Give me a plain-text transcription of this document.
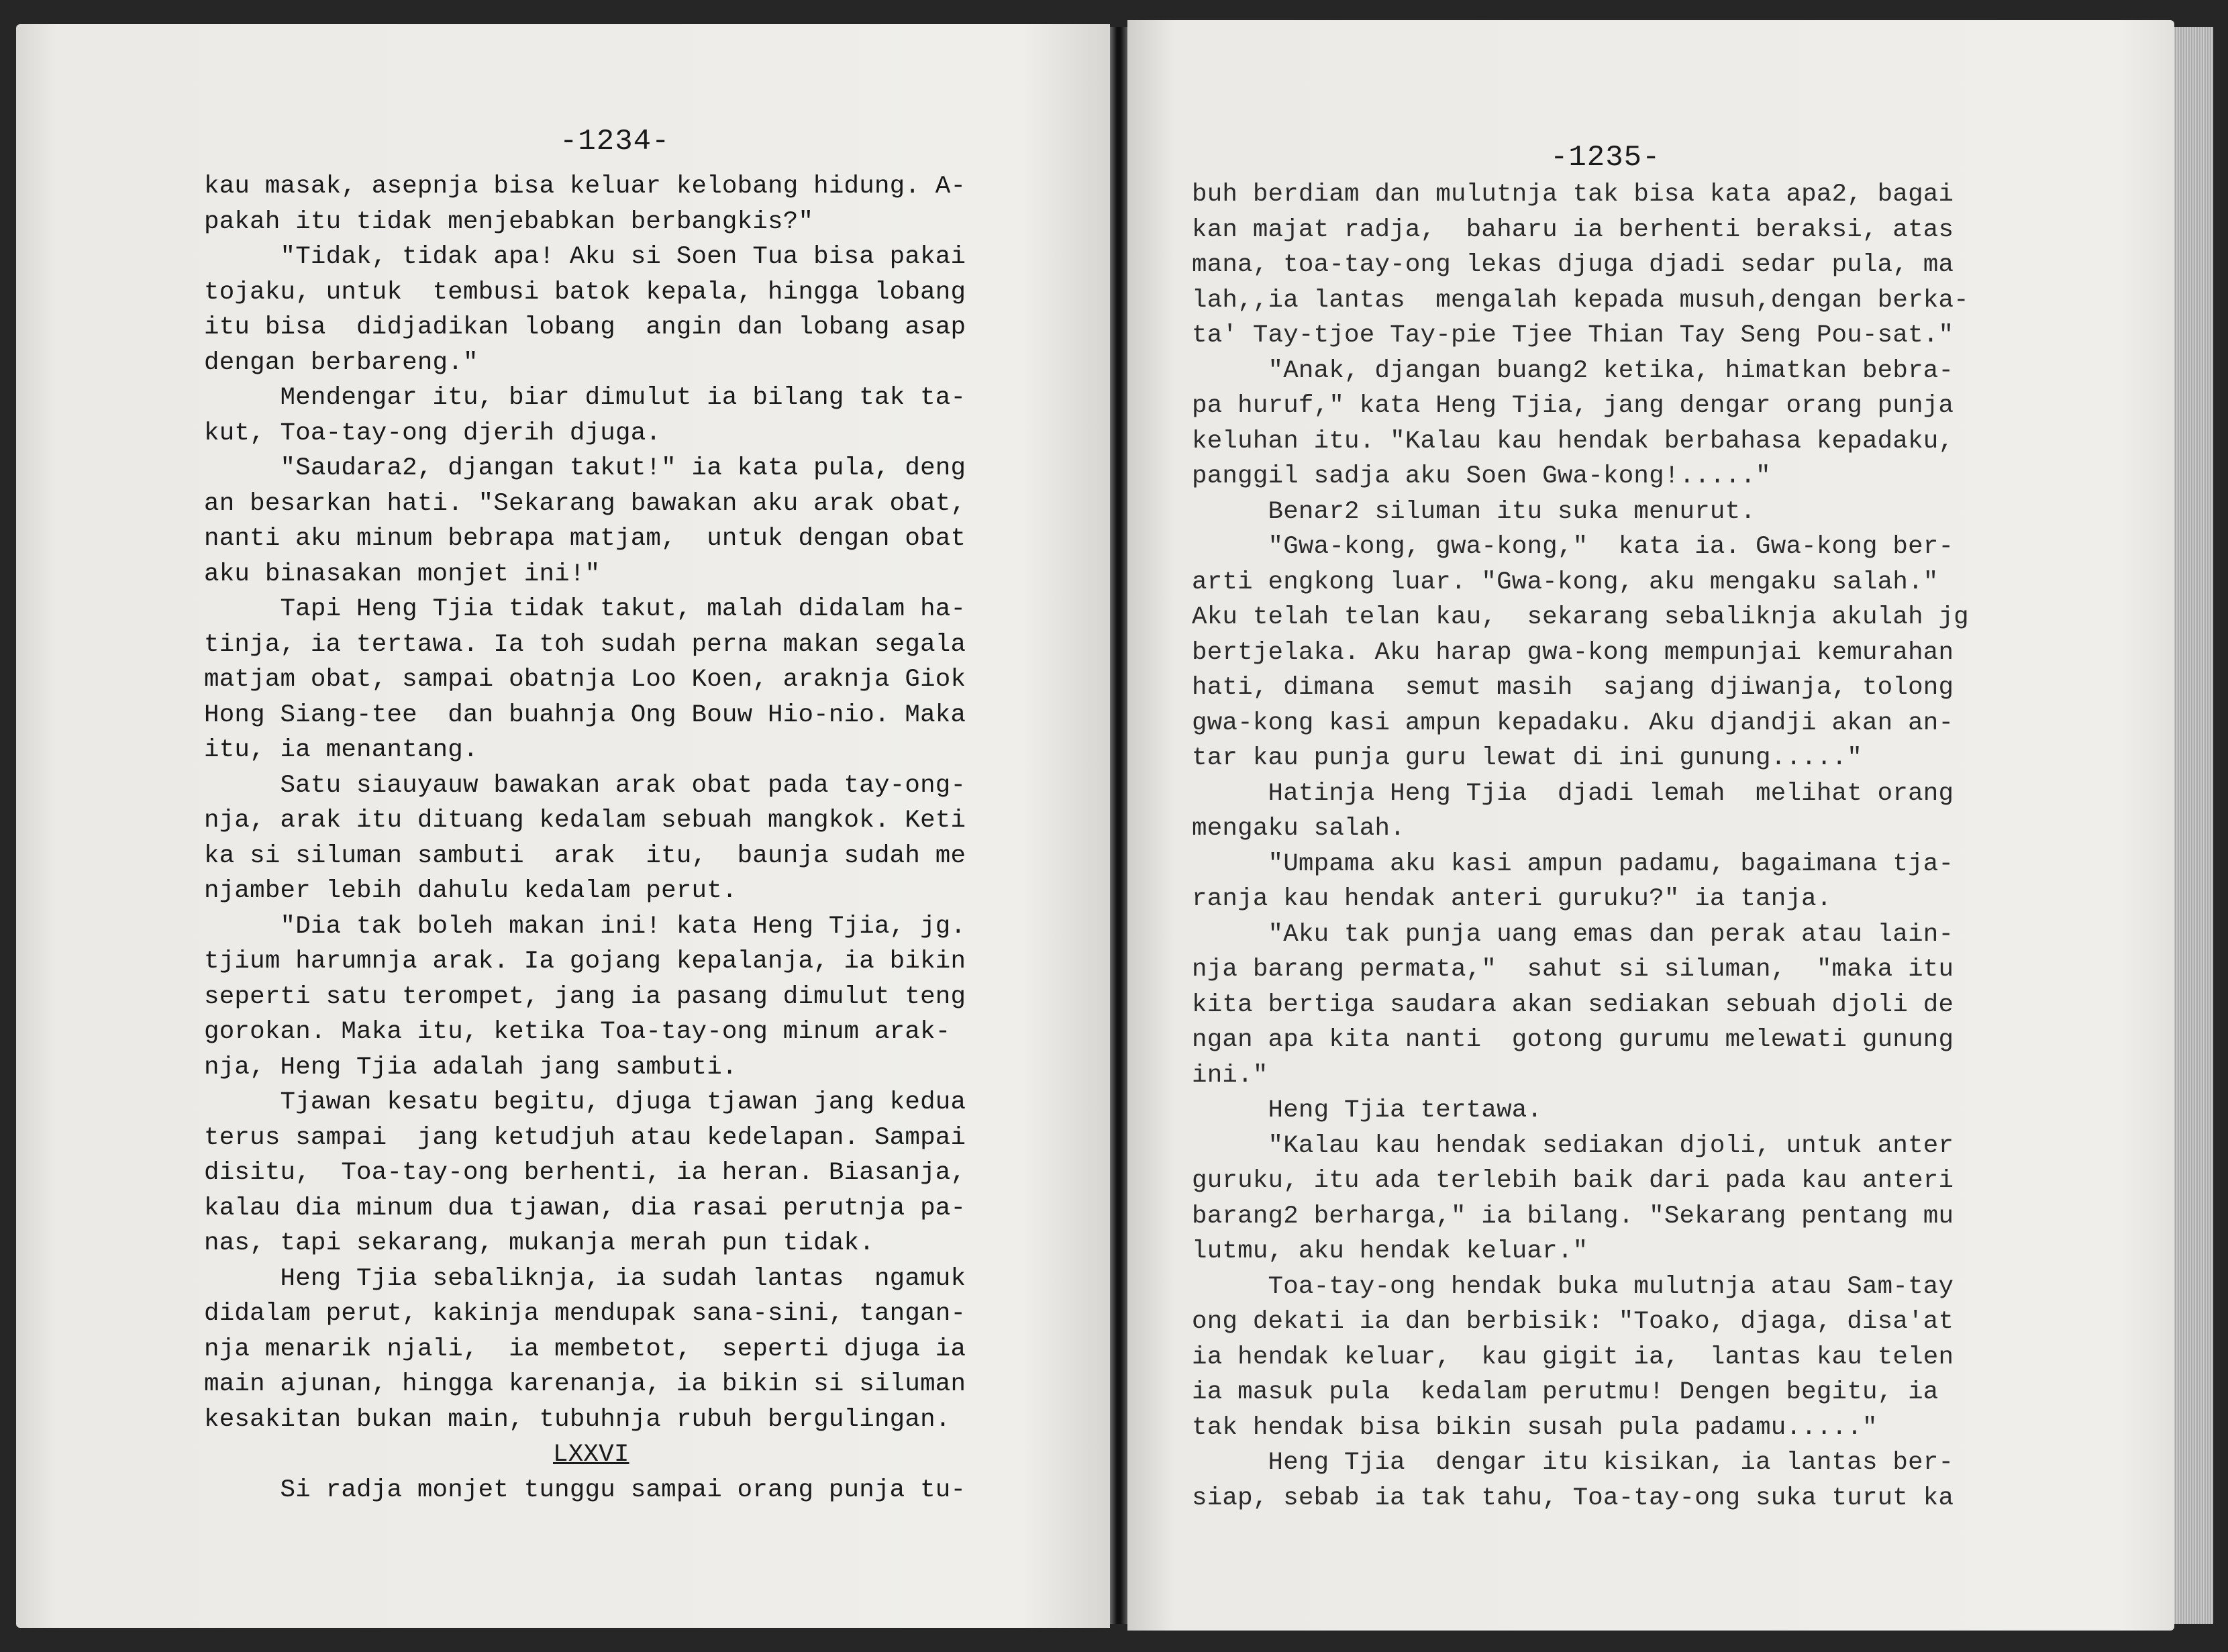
-1234-
kau masak, asepnja bisa keluar kelobang hidung. A-
pakah itu tidak menjebabkan berbangkis?"
"Tidak, tidak apa! Aku si Soen Tua bisa pakai
tojaku, untuk  tembusi batok kepala, hingga lobang
itu bisa  didjadikan lobang  angin dan lobang asap
dengan berbareng."
Mendengar itu, biar dimulut ia bilang tak ta-
kut, Toa-tay-ong djerih djuga.
"Saudara2, djangan takut!" ia kata pula, deng
an besarkan hati. "Sekarang bawakan aku arak obat,
nanti aku minum bebrapa matjam,  untuk dengan obat
aku binasakan monjet ini!"
Tapi Heng Tjia tidak takut, malah didalam ha-
tinja, ia tertawa. Ia toh sudah perna makan segala
matjam obat, sampai obatnja Loo Koen, araknja Giok
Hong Siang-tee  dan buahnja Ong Bouw Hio-nio. Maka
itu, ia menantang.
Satu siauyauw bawakan arak obat pada tay-ong-
nja, arak itu dituang kedalam sebuah mangkok. Keti
ka si siluman sambuti  arak  itu,  baunja sudah me
njamber lebih dahulu kedalam perut.
"Dia tak boleh makan ini! kata Heng Tjia, jg.
tjium harumnja arak. Ia gojang kepalanja, ia bikin
seperti satu terompet, jang ia pasang dimulut teng
gorokan. Maka itu, ketika Toa-tay-ong minum arak-
nja, Heng Tjia adalah jang sambuti.
Tjawan kesatu begitu, djuga tjawan jang kedua
terus sampai  jang ketudjuh atau kedelapan. Sampai
disitu,  Toa-tay-ong berhenti, ia heran. Biasanja,
kalau dia minum dua tjawan, dia rasai perutnja pa-
nas, tapi sekarang, mukanja merah pun tidak.
Heng Tjia sebaliknja, ia sudah lantas  ngamuk
didalam perut, kakinja mendupak sana-sini, tangan-
nja menarik njali,  ia membetot,  seperti djuga ia
main ajunan, hingga karenanja, ia bikin si siluman
kesakitan bukan main, tubuhnja rubuh bergulingan.
LXXVI
Si radja monjet tunggu sampai orang punja tu-
-1235-
buh berdiam dan mulutnja tak bisa kata apa2, bagai
kan majat radja,  baharu ia berhenti beraksi, atas
mana, toa-tay-ong lekas djuga djadi sedar pula, ma
lah,,ia lantas  mengalah kepada musuh,dengan berka-
ta' Tay-tjoe Tay-pie Tjee Thian Tay Seng Pou-sat."
"Anak, djangan buang2 ketika, himatkan bebra-
pa huruf," kata Heng Tjia, jang dengar orang punja
keluhan itu. "Kalau kau hendak berbahasa kepadaku,
panggil sadja aku Soen Gwa-kong!....."
Benar2 siluman itu suka menurut.
"Gwa-kong, gwa-kong,"  kata ia. Gwa-kong ber-
arti engkong luar. "Gwa-kong, aku mengaku salah."
Aku telah telan kau,  sekarang sebaliknja akulah jg
bertjelaka. Aku harap gwa-kong mempunjai kemurahan
hati, dimana  semut masih  sajang djiwanja, tolong
gwa-kong kasi ampun kepadaku. Aku djandji akan an-
tar kau punja guru lewat di ini gunung....."
Hatinja Heng Tjia  djadi lemah  melihat orang
mengaku salah.
"Umpama aku kasi ampun padamu, bagaimana tja-
ranja kau hendak anteri guruku?" ia tanja.
"Aku tak punja uang emas dan perak atau lain-
nja barang permata,"  sahut si siluman,  "maka itu
kita bertiga saudara akan sediakan sebuah djoli de
ngan apa kita nanti  gotong gurumu melewati gunung
ini."
Heng Tjia tertawa.
"Kalau kau hendak sediakan djoli, untuk anter
guruku, itu ada terlebih baik dari pada kau anteri
barang2 berharga," ia bilang. "Sekarang pentang mu
lutmu, aku hendak keluar."
Toa-tay-ong hendak buka mulutnja atau Sam-tay
ong dekati ia dan berbisik: "Toako, djaga, disa'at
ia hendak keluar,  kau gigit ia,  lantas kau telen
ia masuk pula  kedalam perutmu! Dengen begitu, ia
tak hendak bisa bikin susah pula padamu....."
Heng Tjia  dengar itu kisikan, ia lantas ber-
siap, sebab ia tak tahu, Toa-tay-ong suka turut ka
